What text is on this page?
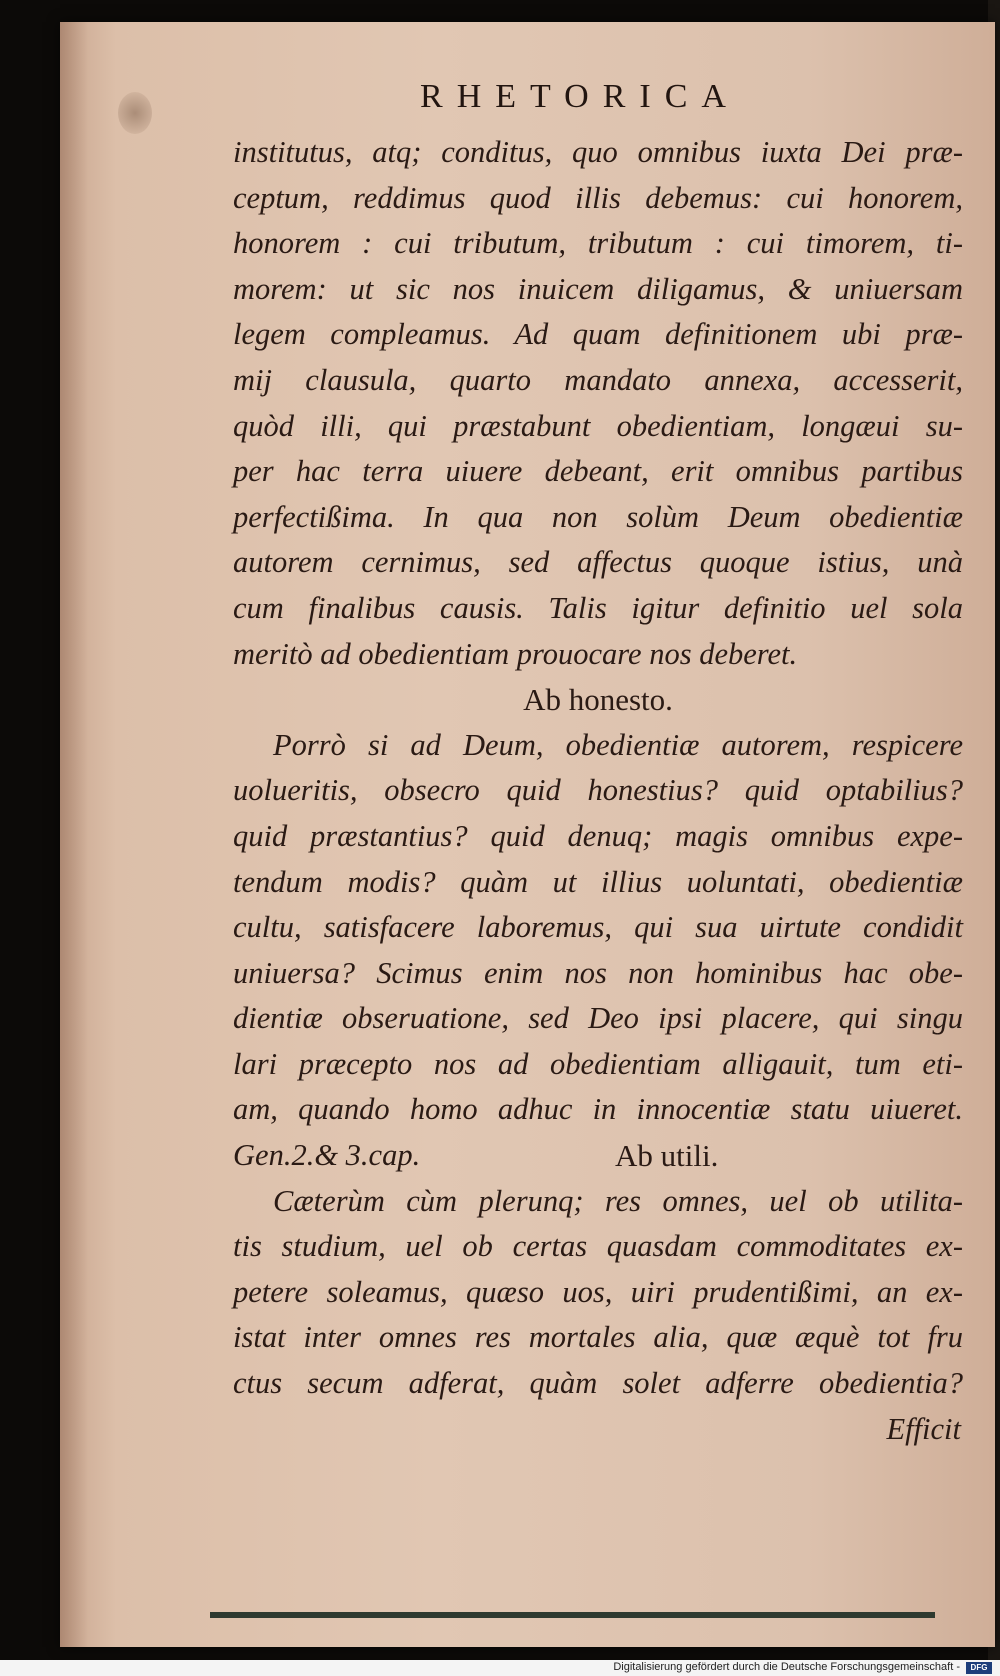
RHETORICA
institutus, atq; conditus, quo omnibus iuxta Dei præ-
ceptum, reddimus quod illis debemus: cui honorem,
honorem : cui tributum, tributum : cui timorem, ti-
morem: ut sic nos inuicem diligamus, & uniuersam
legem compleamus. Ad quam definitionem ubi præ-
mij clausula, quarto mandato annexa, accesserit,
quòd illi, qui præstabunt obedientiam, longæui su-
per hac terra uiuere debeant, erit omnibus partibus
perfectißima. In qua non solùm Deum obedientiæ
autorem cernimus, sed affectus quoque istius, unà
cum finalibus causis. Talis igitur definitio uel sola
meritò ad obedientiam prouocare nos deberet.
Ab honesto.
Porrò si ad Deum, obedientiæ autorem, respicere
uolueritis, obsecro quid honestius? quid optabilius?
quid præstantius? quid denuq; magis omnibus expe-
tendum modis? quàm ut illius uoluntati, obedientiæ
cultu, satisfacere laboremus, qui sua uirtute condidit
uniuersa? Scimus enim nos non hominibus hac obe-
dientiæ obseruatione, sed Deo ipsi placere, qui singu
lari præcepto nos ad obedientiam alligauit, tum eti-
am, quando homo adhuc in innocentiæ statu uiueret.
Gen.2.& 3.cap.	Ab utili.
Cæterùm cùm plerunq; res omnes, uel ob utilita-
tis studium, uel ob certas quasdam commoditates ex-
petere soleamus, quæso uos, uiri prudentißimi, an ex-
istat inter omnes res mortales alia, quæ æquè tot fru
ctus secum adferat, quàm solet adferre obedientia?
Efficit
Digitalisierung gefördert durch die Deutsche Forschungsgemeinschaft -	DFG
